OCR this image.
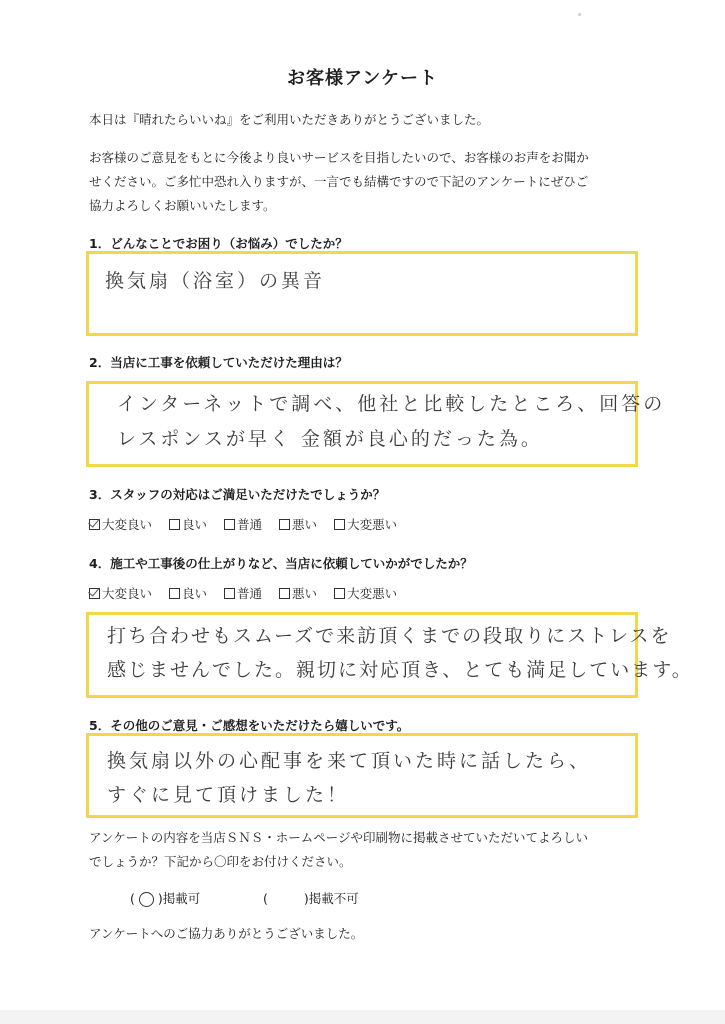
お客様アンケート
本日は『晴れたらいいね』をご利用いただきありがとうございました。
お客様のご意見をもとに今後より良いサービスを目指したいので、お客様のお声をお聞か
せください。ご多忙中恐れ入りますが、一言でも結構ですので下記のアンケートにぜひご
協力よろしくお願いいたします。
1．どんなことでお困り（お悩み）でしたか？
換気扇（浴室）の異音
2．当店に工事を依頼していただけた理由は？
インターネットで調べ、他社と比較したところ、回答の
レスポンスが早く 金額が良心的だった為。
3．スタッフの対応はご満足いただけたでしょうか？
大変良い 良い 普通 悪い 大変悪い
4．施工や工事後の仕上がりなど、当店に依頼していかがでしたか？
大変良い 良い 普通 悪い 大変悪い
打ち合わせもスムーズで来訪頂くまでの段取りにストレスを
感じませんでした。親切に対応頂き、とても満足しています。
5．その他のご意見・ご感想をいただけたら嬉しいです。
換気扇以外の心配事を来て頂いた時に話したら、
すぐに見て頂けました！
アンケートの内容を当店ＳＮＳ・ホームページや印刷物に掲載させていただいてよろしい
でしょうか？下記から〇印をお付けください。
( ○ )掲載可	(	)掲載不可
アンケートへのご協力ありがとうございました。
